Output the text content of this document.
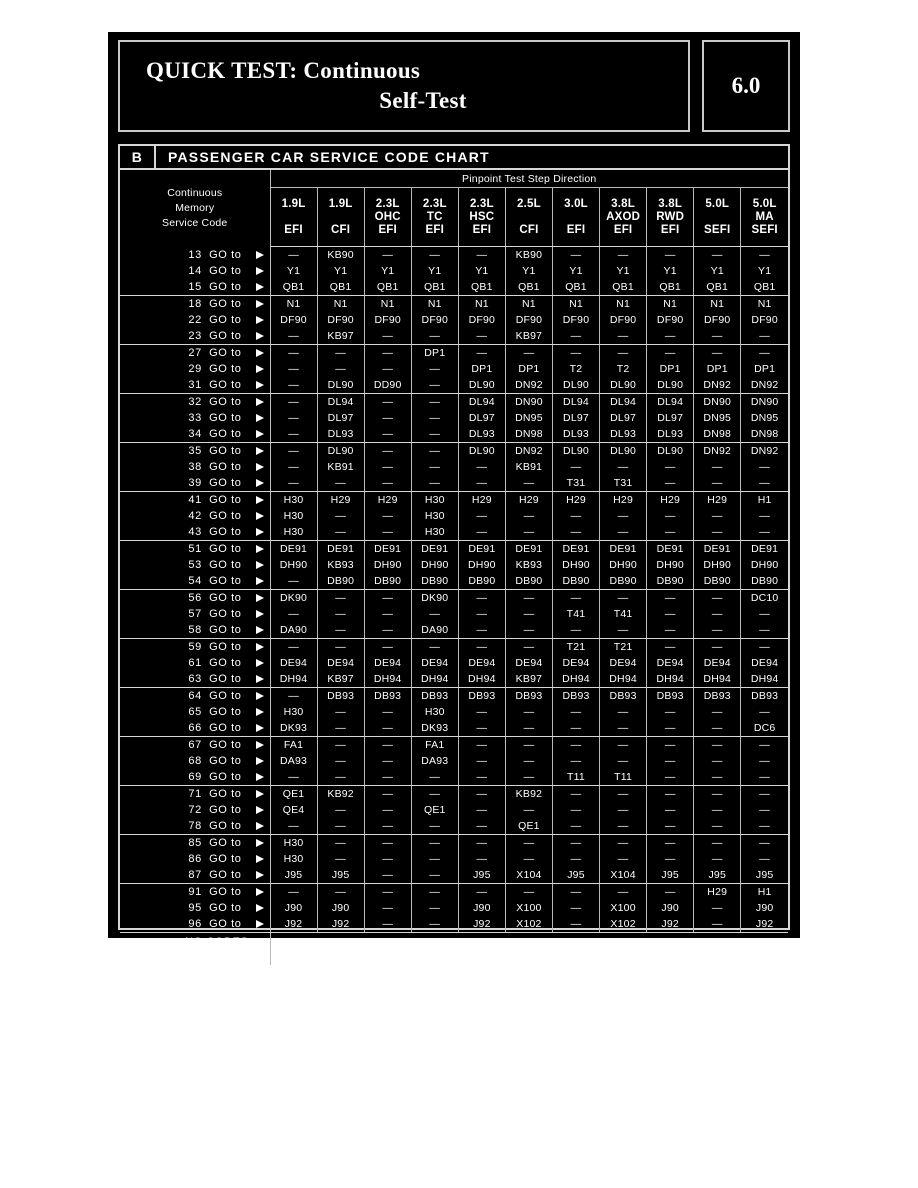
QUICK TEST: Continuous
Self-Test
6.0
B	PASSENGER CAR SERVICE CODE CHART
Continuous
Memory
Service Code	Pinpoint Test Step Direction										

	1.9L

EFI	1.9L

CFI	2.3L
OHC
EFI	2.3L
TC
EFI	2.3L
HSC
EFI	2.5L

CFI	3.0L

EFI	3.8L
AXOD
EFI	3.8L
RWD
EFI	5.0L

SEFI	5.0L
MA
SEFI

13  GO to	—	KB90	—	—	—	KB90	—	—	—	—	—

14  GO to	Y1	Y1	Y1	Y1	Y1	Y1	Y1	Y1	Y1	Y1	Y1

15  GO to	QB1	QB1	QB1	QB1	QB1	QB1	QB1	QB1	QB1	QB1	QB1

18  GO to	N1	N1	N1	N1	N1	N1	N1	N1	N1	N1	N1

22  GO to	DF90	DF90	DF90	DF90	DF90	DF90	DF90	DF90	DF90	DF90	DF90

23  GO to	—	KB97	—	—	—	KB97	—	—	—	—	—

27  GO to	—	—	—	DP1	—	—	—	—	—	—	—

29  GO to	—	—	—	—	DP1	DP1	T2	T2	DP1	DP1	DP1

31  GO to	—	DL90	DD90	—	DL90	DN92	DL90	DL90	DL90	DN92	DN92

32  GO to	—	DL94	—	—	DL94	DN90	DL94	DL94	DL94	DN90	DN90

33  GO to	—	DL97	—	—	DL97	DN95	DL97	DL97	DL97	DN95	DN95

34  GO to	—	DL93	—	—	DL93	DN98	DL93	DL93	DL93	DN98	DN98

35  GO to	—	DL90	—	—	DL90	DN92	DL90	DL90	DL90	DN92	DN92

38  GO to	—	KB91	—	—	—	KB91	—	—	—	—	—

39  GO to	—	—	—	—	—	—	T31	T31	—	—	—

41  GO to	H30	H29	H29	H30	H29	H29	H29	H29	H29	H29	H1

42  GO to	H30	—	—	H30	—	—	—	—	—	—	—

43  GO to	H30	—	—	H30	—	—	—	—	—	—	—

51  GO to	DE91	DE91	DE91	DE91	DE91	DE91	DE91	DE91	DE91	DE91	DE91

53  GO to	DH90	KB93	DH90	DH90	DH90	KB93	DH90	DH90	DH90	DH90	DH90

54  GO to	—	DB90	DB90	DB90	DB90	DB90	DB90	DB90	DB90	DB90	DB90

56  GO to	DK90	—	—	DK90	—	—	—	—	—	—	DC10

57  GO to	—	—	—	—	—	—	T41	T41	—	—	—

58  GO to	DA90	—	—	DA90	—	—	—	—	—	—	—

59  GO to	—	—	—	—	—	—	T21	T21	—	—	—

61  GO to	DE94	DE94	DE94	DE94	DE94	DE94	DE94	DE94	DE94	DE94	DE94

63  GO to	DH94	KB97	DH94	DH94	DH94	KB97	DH94	DH94	DH94	DH94	DH94

64  GO to	—	DB93	DB93	DB93	DB93	DB93	DB93	DB93	DB93	DB93	DB93

65  GO to	H30	—	—	H30	—	—	—	—	—	—	—

66  GO to	DK93	—	—	DK93	—	—	—	—	—	—	DC6

67  GO to	FA1	—	—	FA1	—	—	—	—	—	—	—

68  GO to	DA93	—	—	DA93	—	—	—	—	—	—	—

69  GO to	—	—	—	—	—	—	T11	T11	—	—	—

71  GO to	QE1	KB92	—	—	—	KB92	—	—	—	—	—

72  GO to	QE4	—	—	QE1	—	—	—	—	—	—	—

78  GO to	—	—	—	—	—	QE1	—	—	—	—	—

85  GO to	H30	—	—	—	—	—	—	—	—	—	—

86  GO to	H30	—	—	—	—	—	—	—	—	—	—

87  GO to	J95	J95	—	—	J95	X104	J95	X104	J95	J95	J95

91  GO to	—	—	—	—	—	—	—	—	—	H29	H1

95  GO to	J90	J90	—	—	J90	X100	—	X100	J90	—	J90

96  GO to	J92	J92	—	—	J92	X102	—	X102	J92	—	J92

NO CODES
CODES NOT LISTED	Go to Pinpoint Test Step QA1										
